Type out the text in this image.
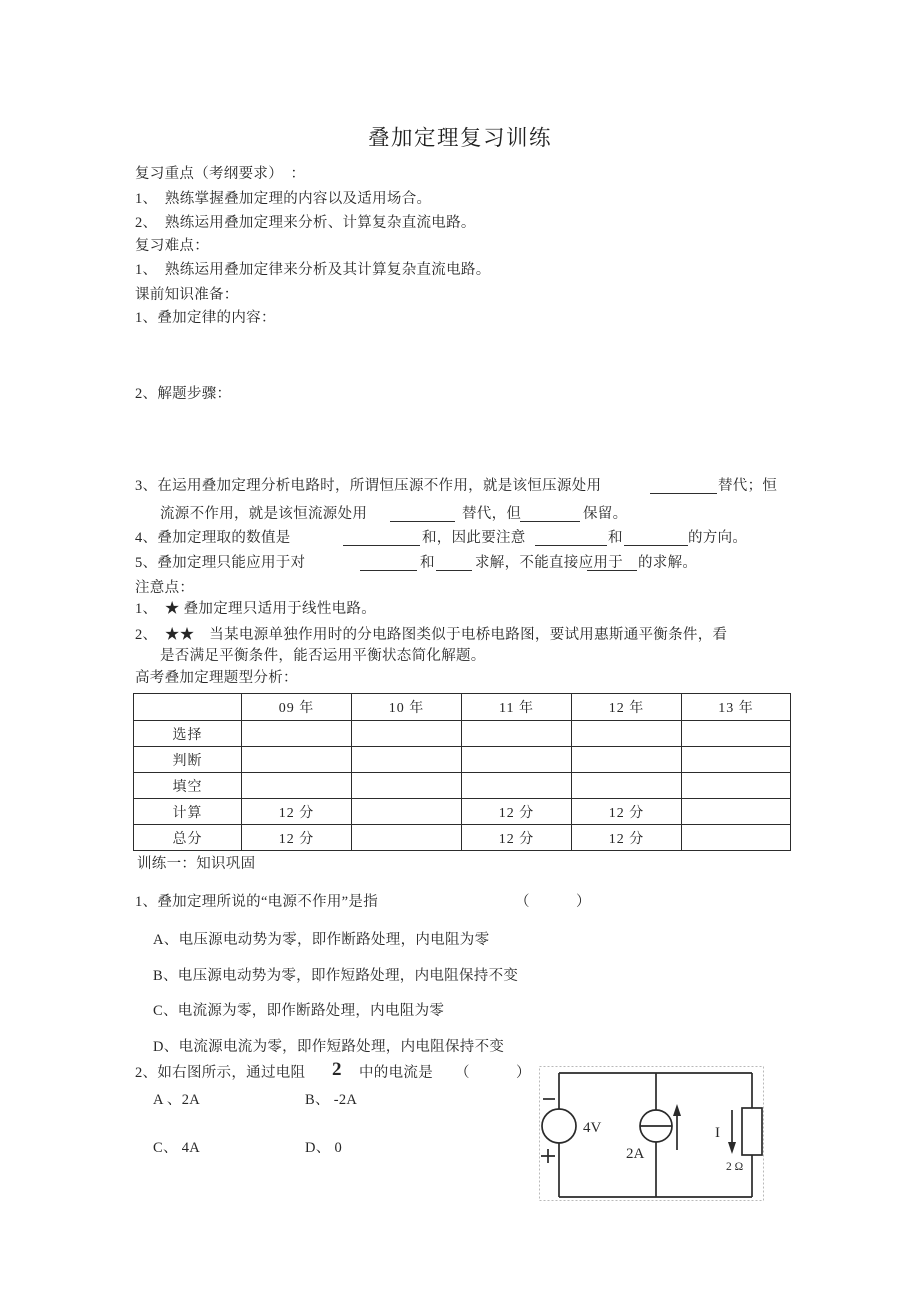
叠加定理复习训练
复习重点（考纲要求）　：
1、　熟练掌握叠加定理的内容以及适用场合。
2、　熟练运用叠加定理来分析、计算复杂直流电路。
复习难点：
1、　熟练运用叠加定律来分析及其计算复杂直流电路。
课前知识准备：
1、叠加定律的内容：
2、解题步骤：
3、在运用叠加定理分析电路时，所谓恒压源不作用，就是该恒压源处用	替代；恒
流源不作用，就是该恒流源处用	替代，但	保留。
4、叠加定理取的数值是	和，因此要注意	和	的方向。
5、叠加定理只能应用于对	和	求解，不能直接应用于 的求解。
注意点：
1、　★ 叠加定理只适用于线性电路。
2、　★★　当某电源单独作用时的分电路图类似于电桥电路图，要试用惠斯通平衡条件，看
是否满足平衡条件，能否运用平衡状态简化解题。
高考叠加定理题型分析：
	09 年	10 年	11 年	12 年	13 年
选择					
判断					
填空					
计算	12 分		12 分	12 分	
总分	12 分		12 分	12 分	
训练一：知识巩固
1、叠加定理所说的“电源不作用”是指	（	）
A、电压源电动势为零，即作断路处理，内电阻为零
B、电压源电动势为零，即作短路处理，内电阻保持不变
C、电流源为零，即作断路处理，内电阻为零
D、电流源电流为零，即作短路处理，内电阻保持不变
2、如右图所示，通过电阻 2 中的电流是 （	）
A 、2A	B、 -2A
C、 4A	D、 0
4V
2A
I
2 Ω
